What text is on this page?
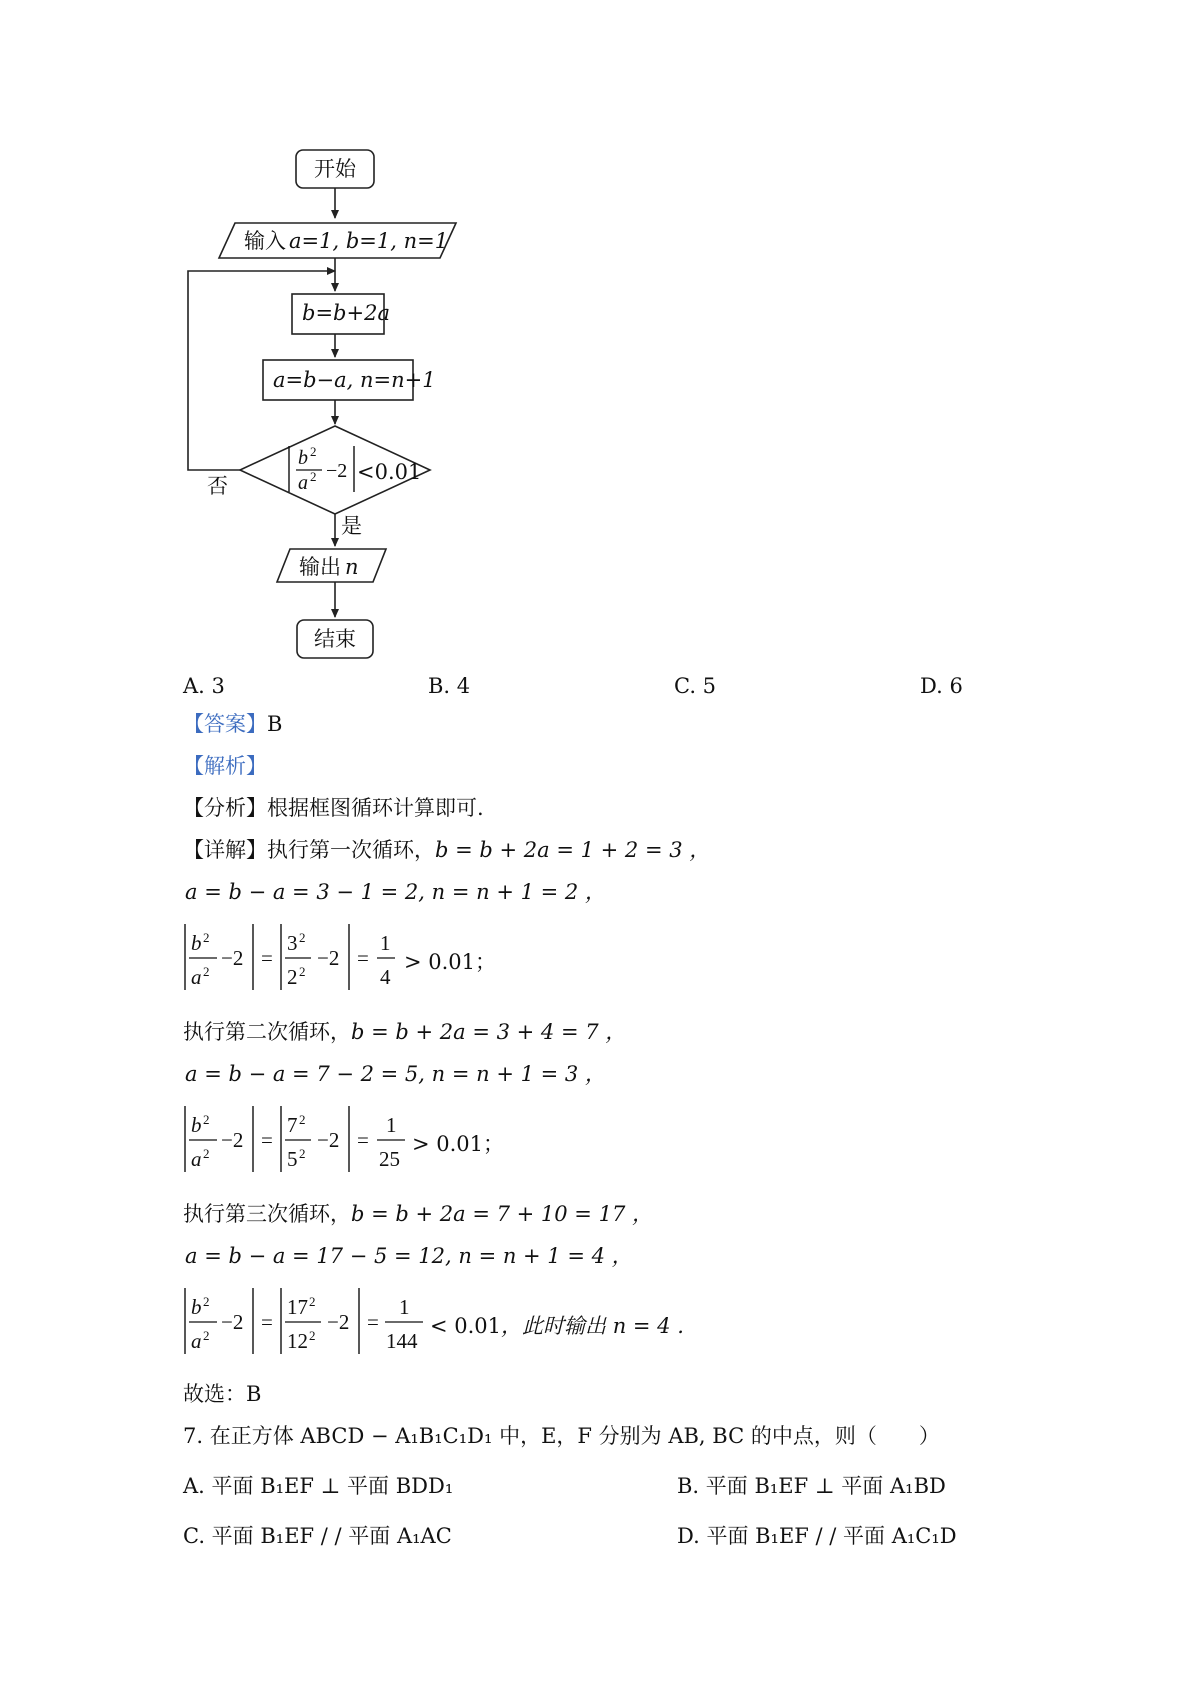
b 2
a 2 −2
开始
输入 a=1, b=1, n=1
b=b+2a
a=b−a, n=n+1
<0.01
否
是
输出 n
结束
A. 3	B. 4	C. 5	D. 6
【答案】B
【解析】
【分析】根据框图循环计算即可.
【详解】执行第一次循环，b = b + 2a = 1 + 2 = 3 ，
a = b − a = 3 − 1 = 2, n = n + 1 = 2 ，
b 2
a 2
−2 =
3 2
2 2
−2 =
1
4
> 0.01；
执行第二次循环，b = b + 2a = 3 + 4 = 7 ，
a = b − a = 7 − 2 = 5, n = n + 1 = 3 ，
b 2
a 2
−2 =
7 2
5 2
−2 =
1
25
> 0.01；
执行第三次循环，b = b + 2a = 7 + 10 = 17 ，
a = b − a = 17 − 5 = 12, n = n + 1 = 4 ，
b 2
a 2
−2 =
17 2
12 2
−2 =
1
144
< 0.01，此时输出 n = 4 .
故选：B
7. 在正方体 ABCD − A₁B₁C₁D₁ 中，E，F 分别为 AB, BC 的中点，则（　　）
A. 平面 B₁EF ⊥ 平面 BDD₁	B. 平面 B₁EF ⊥ 平面 A₁BD
C. 平面 B₁EF / / 平面 A₁AC	D. 平面 B₁EF / / 平面 A₁C₁D
